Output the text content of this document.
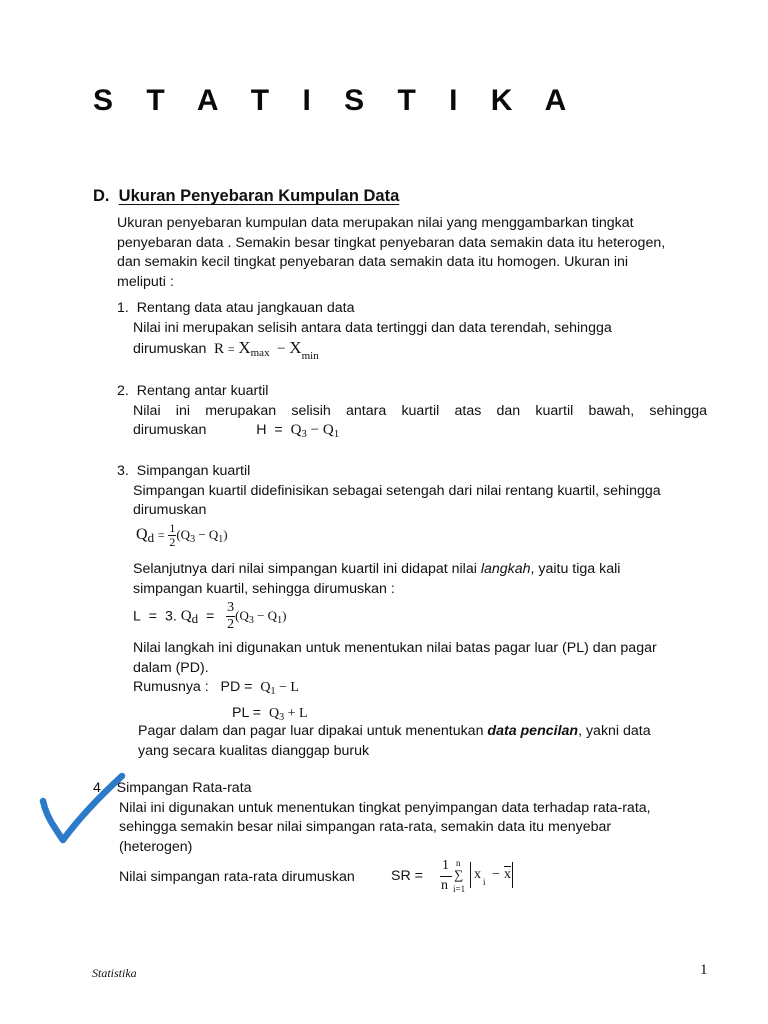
S T A T I S T I K A
D. Ukuran Penyebaran Kumpulan Data
Ukuran penyebaran kumpulan data merupakan nilai yang menggambarkan tingkat
penyebaran data . Semakin besar tingkat penyebaran data semakin data itu heterogen,
dan semakin kecil tingkat penyebaran data semakin data itu homogen. Ukuran ini
meliputi :
1. Rentang data atau jangkauan data
Nilai ini merupakan selisih antara data tertinggi dan data terendah, sehingga
dirumuskan $R = X_{max} - X_{min}$
2. Rentang antar kuartil
Nilai ini merupakan selisih antara kuartil atas dan kuartil bawah, sehingga
dirumuskan	$H = Q_3 - Q_1$
3. Simpangan kuartil
Simpangan kuartil didefinisikan sebagai setengah dari nilai rentang kuartil, sehingga
dirumuskan
$Q_d = \frac{1}{2} (Q_3 - Q_1)$
Selanjutnya dari nilai simpangan kuartil ini didapat nilai langkah, yaitu tiga kali
simpangan kuartil, sehingga dirumuskan :
L = 3. $Q_d = \frac{3}{2} (Q_3 - Q_1)$
Nilai langkah ini digunakan untuk menentukan nilai batas pagar luar (PL) dan pagar
dalam (PD).
Rumusnya : PD = $Q_1 - L$
PL = $Q_3 + L$
Pagar dalam dan pagar luar dipakai untuk menentukan data pencilan, yakni data
yang secara kualitas dianggap buruk
4. Simpangan Rata-rata
Nilai ini digunakan untuk menentukan tingkat penyimpangan data terhadap rata-rata,
sehingga semakin besar nilai simpangan rata-rata, semakin data itu menyebar
(heterogen)
Nilai simpangan rata-rata dirumuskan	SR =
1
n
n
∑
i=1
x $i - \overline{x}$
Statistika	1
